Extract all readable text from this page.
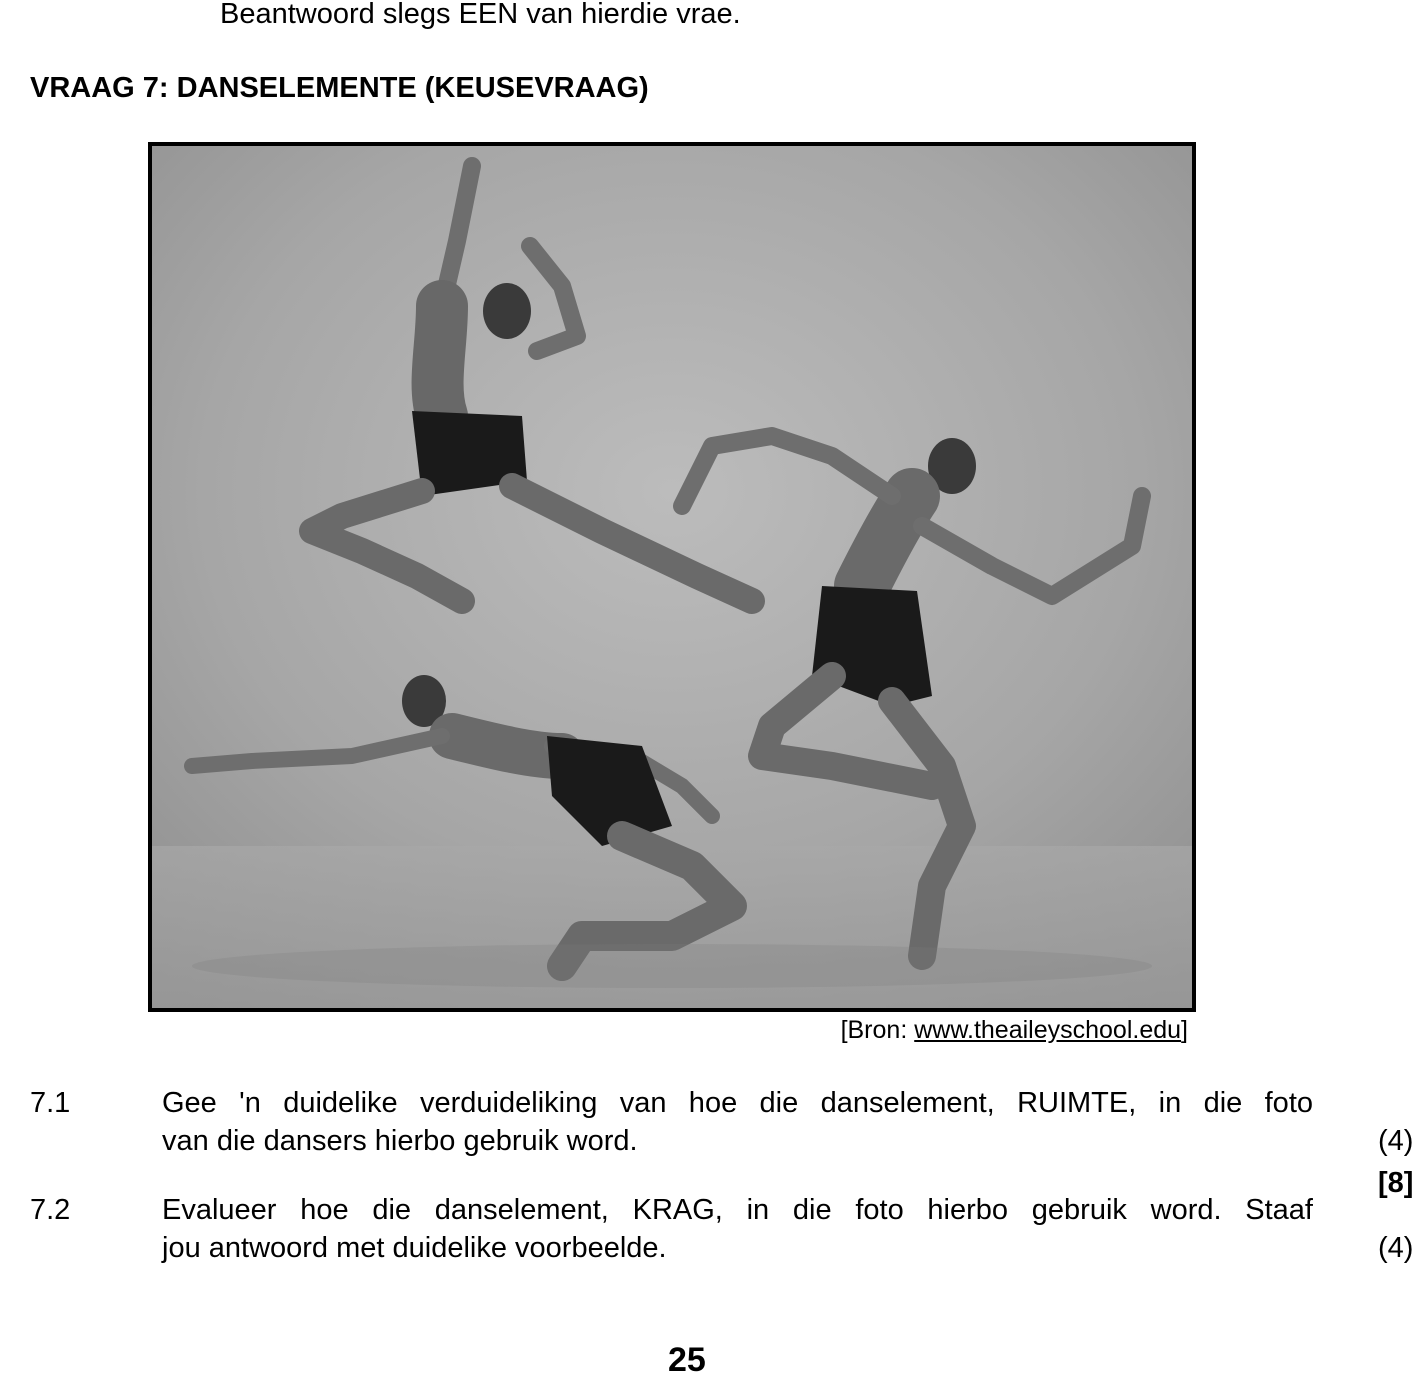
Beantwoord slegs EEN van hierdie vrae.
VRAAG 7: DANSELEMENTE (KEUSEVRAAG)
[Bron: www.theaileyschool.edu]
7.1	Gee 'n duidelike verduideliking van hoe die danselement, RUIMTE, in die foto
van die dansers hierbo gebruik word.	(4)
7.2	Evalueer hoe die danselement, KRAG, in die foto hierbo gebruik word. Staaf
jou antwoord met duidelike voorbeelde.	(4)
[8]
25
